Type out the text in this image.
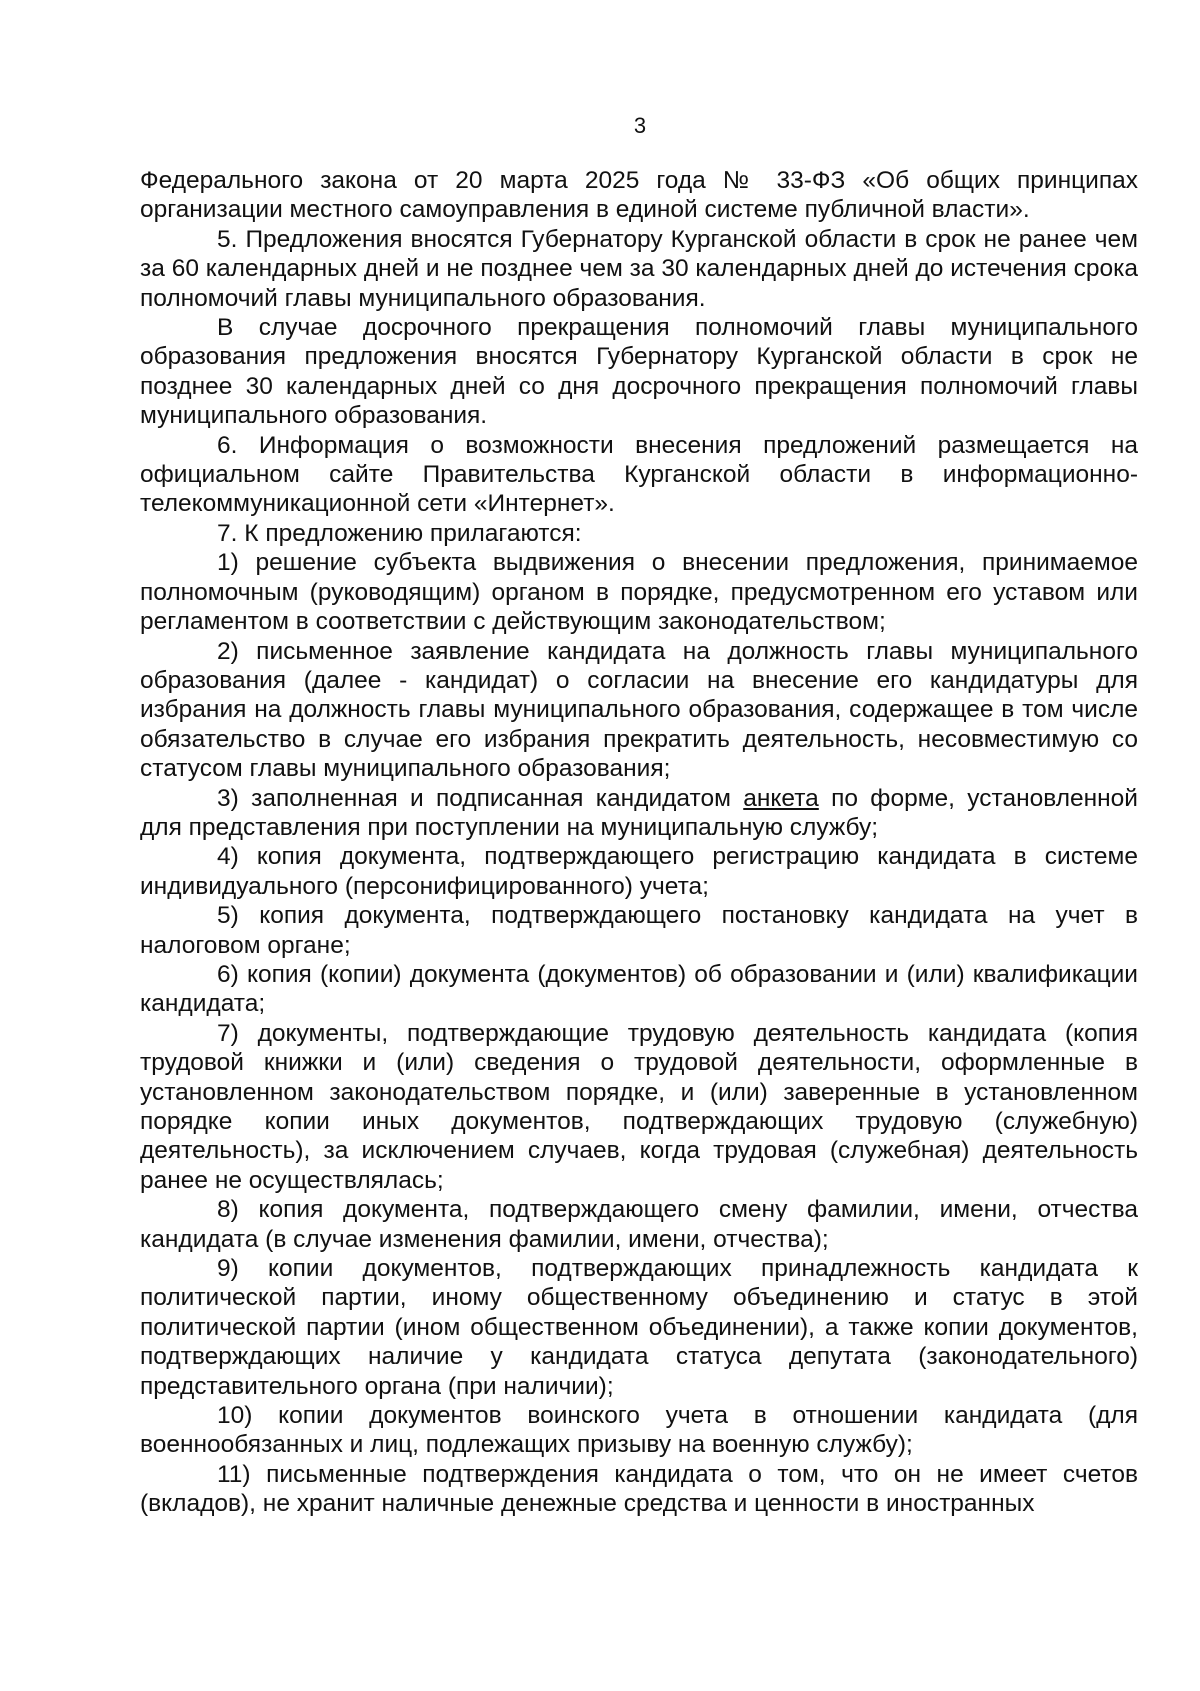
3

Федерального закона от 20 марта 2025 года № 33-ФЗ «Об общих принципах организации местного самоуправления в единой системе публичной власти».

5. Предложения вносятся Губернатору Курганской области в срок не ранее чем за 60 календарных дней и не позднее чем за 30 календарных дней до истечения срока полномочий главы муниципального образования.

В случае досрочного прекращения полномочий главы муниципального образования предложения вносятся Губернатору Курганской области в срок не позднее 30 календарных дней со дня досрочного прекращения полномочий главы муниципального образования.

6. Информация о возможности внесения предложений размещается на официальном сайте Правительства Курганской области в информационно-телекоммуникационной сети «Интернет».

7. К предложению прилагаются:

1) решение субъекта выдвижения о внесении предложения, принимаемое полномочным (руководящим) органом в порядке, предусмотренном его уставом или регламентом в соответствии с действующим законодательством;

2) письменное заявление кандидата на должность главы муниципального образования (далее - кандидат) о согласии на внесение его кандидатуры для избрания на должность главы муниципального образования, содержащее в том числе обязательство в случае его избрания прекратить деятельность, несовместимую со статусом главы муниципального образования;

3) заполненная и подписанная кандидатом анкета по форме, установленной для представления при поступлении на муниципальную службу;

4) копия документа, подтверждающего регистрацию кандидата в системе индивидуального (персонифицированного) учета;

5) копия документа, подтверждающего постановку кандидата на учет в налоговом органе;

6) копия (копии) документа (документов) об образовании и (или) квалификации кандидата;

7) документы, подтверждающие трудовую деятельность кандидата (копия трудовой книжки и (или) сведения о трудовой деятельности, оформленные в установленном законодательством порядке, и (или) заверенные в установленном порядке копии иных документов, подтверждающих трудовую (служебную) деятельность), за исключением случаев, когда трудовая (служебная) деятельность ранее не осуществлялась;

8) копия документа, подтверждающего смену фамилии, имени, отчества кандидата (в случае изменения фамилии, имени, отчества);

9) копии документов, подтверждающих принадлежность кандидата к политической партии, иному общественному объединению и статус в этой политической партии (ином общественном объединении), а также копии документов, подтверждающих наличие у кандидата статуса депутата (законодательного) представительного органа (при наличии);

10) копии документов воинского учета в отношении кандидата (для военнообязанных и лиц, подлежащих призыву на военную службу);

11) письменные подтверждения кандидата о том, что он не имеет счетов (вкладов), не хранит наличные денежные средства и ценности в иностранных
